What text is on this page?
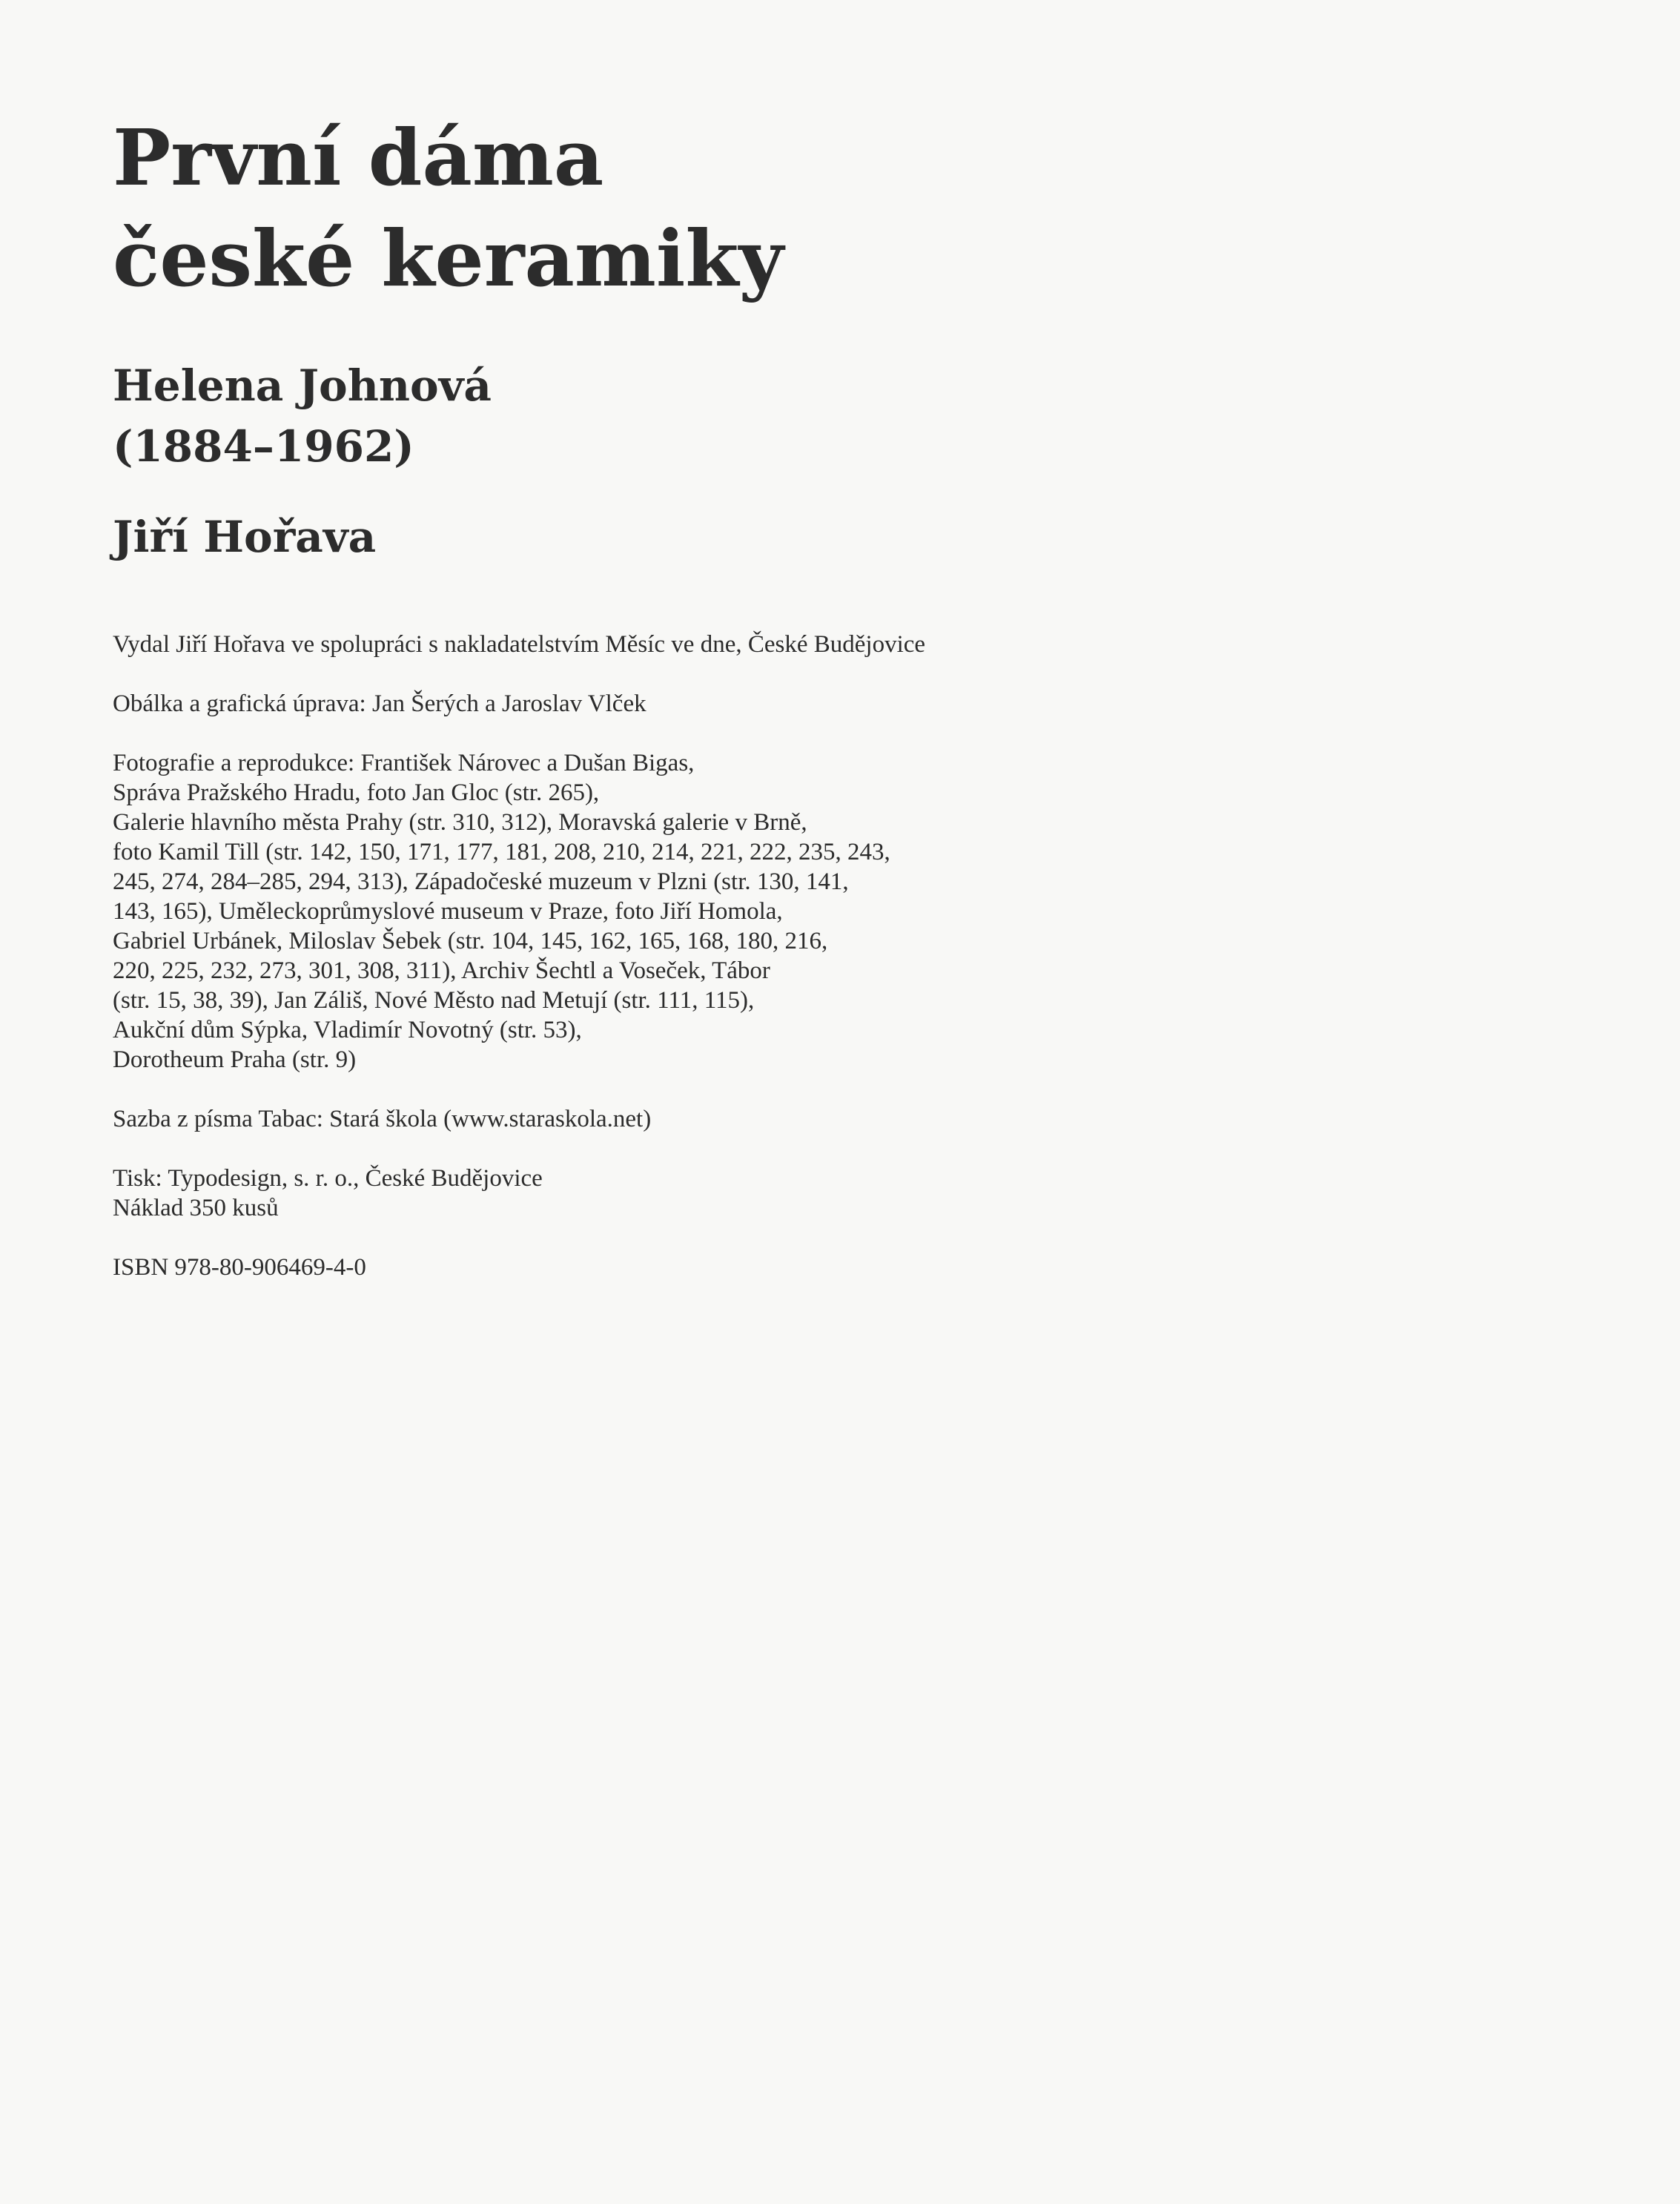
První dáma
české keramiky
Helena Johnová
(1884–1962)
Jiří Hořava

Vydal Jiří Hořava ve spolupráci s nakladatelstvím Měsíc ve dne, České Budějovice

Obálka a grafická úprava: Jan Šerých a Jaroslav Vlček

Fotografie a reprodukce: František Nárovec a Dušan Bigas,

Správa Pražského Hradu, foto Jan Gloc (str. 265),

Galerie hlavního města Prahy (str. 310, 312), Moravská galerie v Brně,

foto Kamil Till (str. 142, 150, 171, 177, 181, 208, 210, 214, 221, 222, 235, 243,

245, 274, 284–285, 294, 313), Západočeské muzeum v Plzni (str. 130, 141,

143, 165), Uměleckoprůmyslové museum v Praze, foto Jiří Homola,

Gabriel Urbánek, Miloslav Šebek (str. 104, 145, 162, 165, 168, 180, 216,

220, 225, 232, 273, 301, 308, 311), Archiv Šechtl a Voseček, Tábor

(str. 15, 38, 39), Jan Záliš, Nové Město nad Metují (str. 111, 115),

Aukční dům Sýpka, Vladimír Novotný (str. 53),

Dorotheum Praha (str. 9)

Sazba z písma Tabac: Stará škola (www.staraskola.net)

Tisk: Typodesign, s. r. o., České Budějovice

Náklad 350 kusů

ISBN 978-80-906469-4-0
